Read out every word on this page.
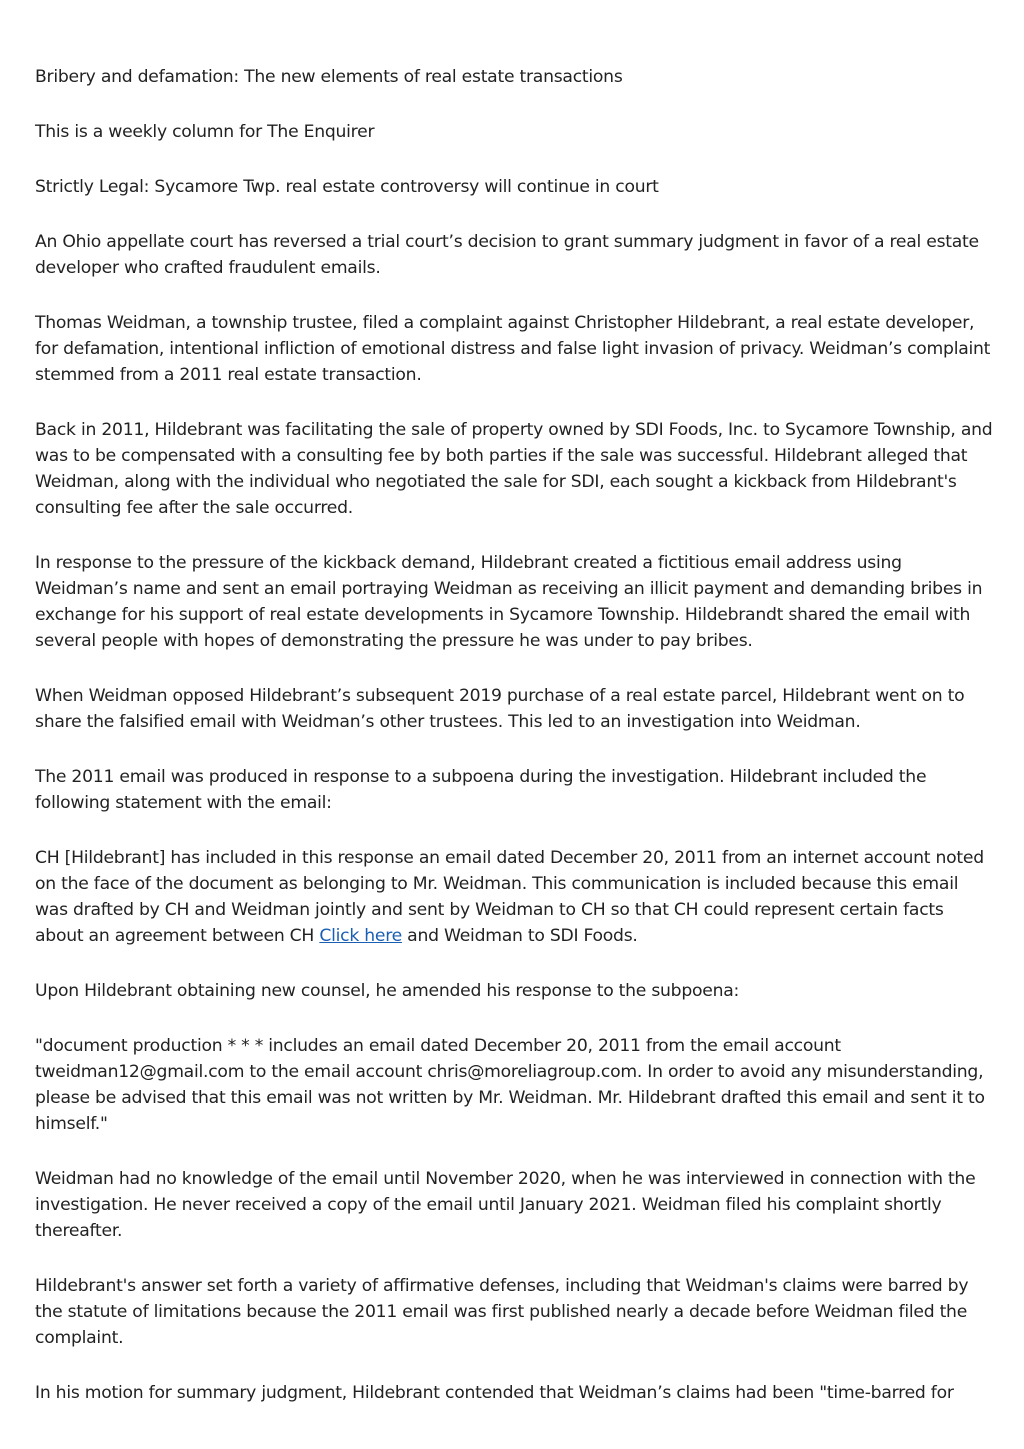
Bribery and defamation: The new elements of real estate transactions

This is a weekly column for The Enquirer

Strictly Legal: Sycamore Twp. real estate controversy will continue in court

An Ohio appellate court has reversed a trial court’s decision to grant summary judgment in favor of a real estate developer who crafted fraudulent emails.

Thomas Weidman, a township trustee, filed a complaint against Christopher Hildebrant, a real estate developer, for defamation, intentional infliction of emotional distress and false light invasion of privacy. Weidman’s complaint stemmed from a 2011 real estate transaction.

Back in 2011, Hildebrant was facilitating the sale of property owned by SDI Foods, Inc. to Sycamore Township, and was to be compensated with a consulting fee by both parties if the sale was successful. Hildebrant alleged that Weidman, along with the individual who negotiated the sale for SDI, each sought a kickback from Hildebrant's consulting fee after the sale occurred.

In response to the pressure of the kickback demand, Hildebrant created a fictitious email address using Weidman’s name and sent an email portraying Weidman as receiving an illicit payment and demanding bribes in exchange for his support of real estate developments in Sycamore Township. Hildebrandt shared the email with several people with hopes of demonstrating the pressure he was under to pay bribes.

When Weidman opposed Hildebrant’s subsequent 2019 purchase of a real estate parcel, Hildebrant went on to share the falsified email with Weidman’s other trustees. This led to an investigation into Weidman.

The 2011 email was produced in response to a subpoena during the investigation. Hildebrant included the following statement with the email:

CH [Hildebrant] has included in this response an email dated December 20, 2011 from an internet account noted on the face of the document as belonging to Mr. Weidman. This communication is included because this email was drafted by CH and Weidman jointly and sent by Weidman to CH so that CH could represent certain facts about an agreement between CH Click here and Weidman to SDI Foods.

Upon Hildebrant obtaining new counsel, he amended his response to the subpoena:

"document production * * * includes an email dated December 20, 2011 from the email account tweidman12@gmail.com to the email account chris@moreliagroup.com. In order to avoid any misunderstanding, please be advised that this email was not written by Mr. Weidman. Mr. Hildebrant drafted this email and sent it to himself."

Weidman had no knowledge of the email until November 2020, when he was interviewed in connection with the investigation. He never received a copy of the email until January 2021. Weidman filed his complaint shortly thereafter.

Hildebrant's answer set forth a variety of affirmative defenses, including that Weidman's claims were barred by the statute of limitations because the 2011 email was first published nearly a decade before Weidman filed the complaint.

In his motion for summary judgment, Hildebrant contended that Weidman’s claims had been "time-barred for
